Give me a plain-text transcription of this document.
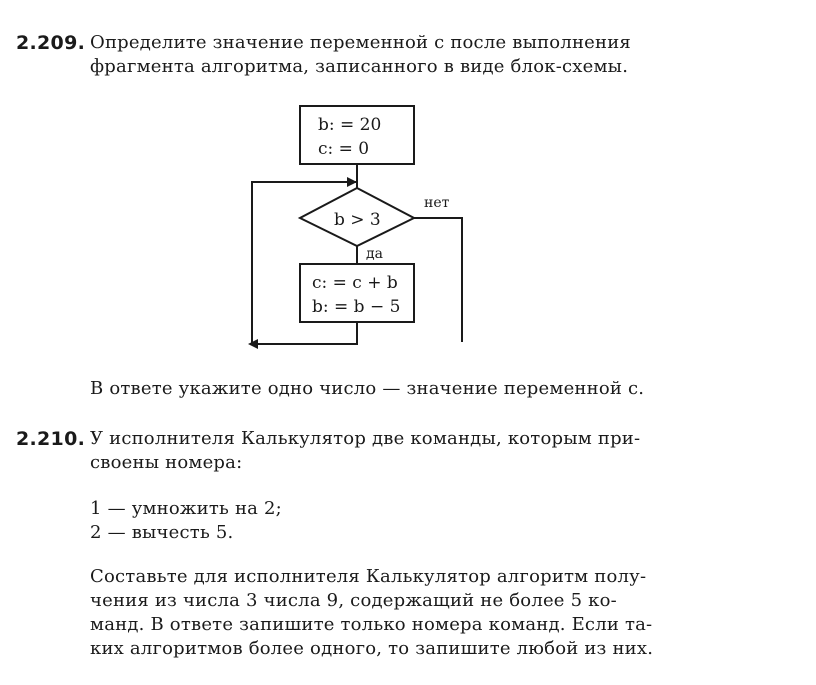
2.209. Определите значение переменной c после выполнения
фрагмента алгоритма, записанного в виде блок-схемы.
b: = 20
c: = 0
b > 3
нет
да
c: = c + b
b: = b − 5
В ответе укажите одно число — значение переменной c.
2.210. У исполнителя Калькулятор две команды, которым при-
своены номера:
1 — умножить на 2;
2 — вычесть 5.
Составьте для исполнителя Калькулятор алгоритм полу-
чения из числа 3 числа 9, содержащий не более 5 ко-
манд. В ответе запишите только номера команд. Если та-
ких алгоритмов более одного, то запишите любой из них.
